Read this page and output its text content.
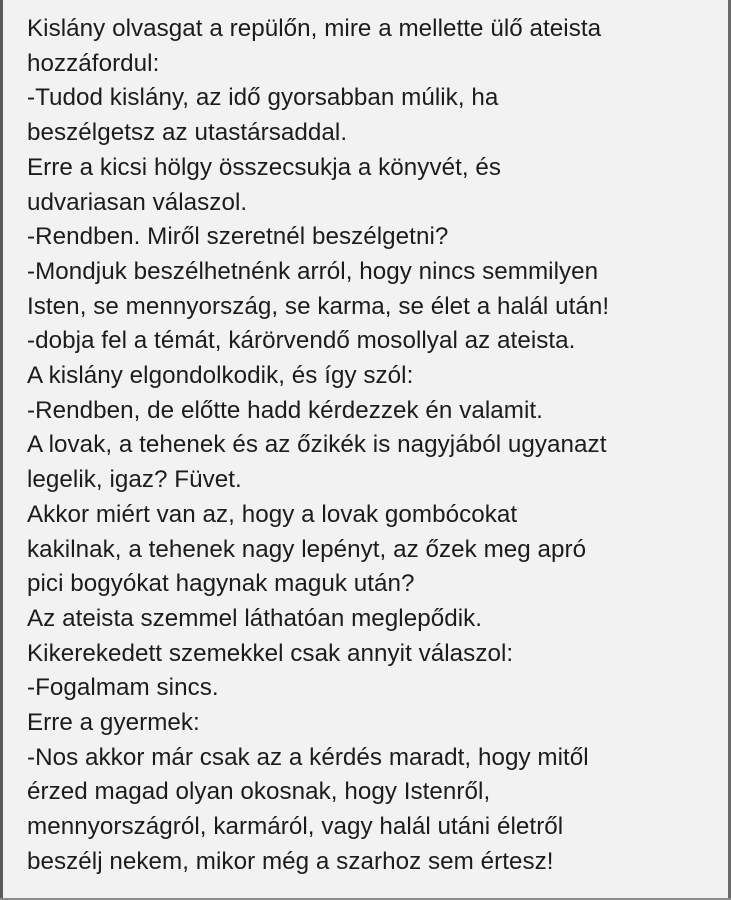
Kislány olvasgat a repülőn, mire a mellette ülő ateista
hozzáfordul:
-Tudod kislány, az idő gyorsabban múlik, ha
beszélgetsz az utastársaddal.
Erre a kicsi hölgy összecsukja a könyvét, és
udvariasan válaszol.
-Rendben. Miről szeretnél beszélgetni?
-Mondjuk beszélhetnénk arról, hogy nincs semmilyen
Isten, se mennyország, se karma, se élet a halál után!
-dobja fel a témát, kárörvendő mosollyal az ateista.
A kislány elgondolkodik, és így szól:
-Rendben, de előtte hadd kérdezzek én valamit.
A lovak, a tehenek és az őzikék is nagyjából ugyanazt
legelik, igaz? Füvet.
Akkor miért van az, hogy a lovak gombócokat
kakilnak, a tehenek nagy lepényt, az őzek meg apró
pici bogyókat hagynak maguk után?
Az ateista szemmel láthatóan meglepődik.
Kikerekedett szemekkel csak annyit válaszol:
-Fogalmam sincs.
Erre a gyermek:
-Nos akkor már csak az a kérdés maradt, hogy mitől
érzed magad olyan okosnak, hogy Istenről,
mennyországról, karmáról, vagy halál utáni életről
beszélj nekem, mikor még a szarhoz sem értesz!
